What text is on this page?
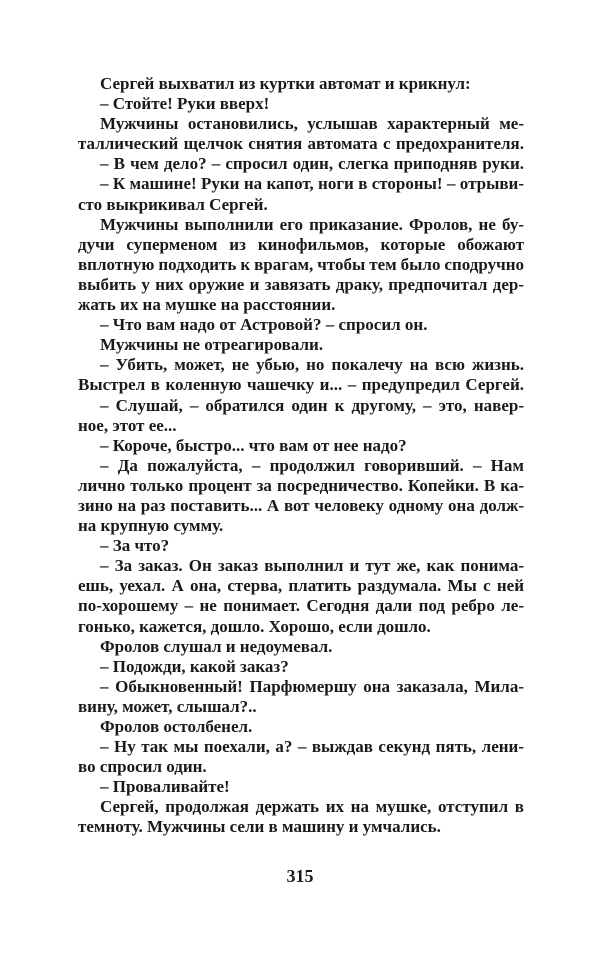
Сергей выхватил из куртки автомат и крикнул:
– Стойте! Руки вверх!
Мужчины остановились, услышав характерный ме-
таллический щелчок снятия автомата с предохранителя.
– В чем дело? – спросил один, слегка приподняв руки.
– К машине! Руки на капот, ноги в стороны! – отрыви-
сто выкрикивал Сергей.
Мужчины выполнили его приказание. Фролов, не бу-
дучи суперменом из кинофильмов, которые обожают
вплотную подходить к врагам, чтобы тем было сподручно
выбить у них оружие и завязать драку, предпочитал дер-
жать их на мушке на расстоянии.
– Что вам надо от Астровой? – спросил он.
Мужчины не отреагировали.
– Убить, может, не убью, но покалечу на всю жизнь.
Выстрел в коленную чашечку и... – предупредил Сергей.
– Слушай, – обратился один к другому, – это, навер-
ное, этот ее...
– Короче, быстро... что вам от нее надо?
– Да пожалуйста, – продолжил говоривший. – Нам
лично только процент за посредничество. Копейки. В ка-
зино на раз поставить... А вот человеку одному она долж-
на крупную сумму.
– За что?
– За заказ. Он заказ выполнил и тут же, как понима-
ешь, уехал. А она, стерва, платить раздумала. Мы с ней
по-хорошему – не понимает. Сегодня дали под ребро ле-
гонько, кажется, дошло. Хорошо, если дошло.
Фролов слушал и недоумевал.
– Подожди, какой заказ?
– Обыкновенный! Парфюмершу она заказала, Мила-
вину, может, слышал?..
Фролов остолбенел.
– Ну так мы поехали, а? – выждав секунд пять, лени-
во спросил один.
– Проваливайте!
Сергей, продолжая держать их на мушке, отступил в
темноту. Мужчины сели в машину и умчались.
315
